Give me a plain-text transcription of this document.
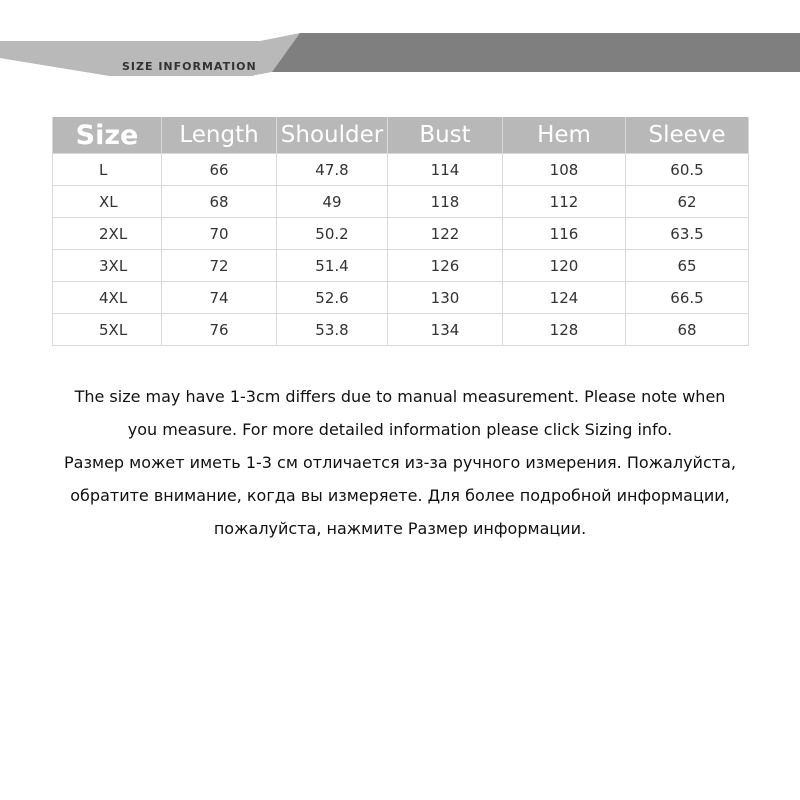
SIZE INFORMATION
Size	Length	Shoulder	Bust	Hem	Sleeve
L	66	47.8	114	108	60.5
XL	68	49	118	112	62
2XL	70	50.2	122	116	63.5
3XL	72	51.4	126	120	65
4XL	74	52.6	130	124	66.5
5XL	76	53.8	134	128	68
The size may have 1-3cm differs due to manual measurement. Please note when
you measure. For more detailed information please click Sizing info.
Размер может иметь 1-3 см отличается из-за ручного измерения. Пожалуйста,
обратите внимание, когда вы измеряете. Для более подробной информации,
пожалуйста, нажмите Размер информации.
